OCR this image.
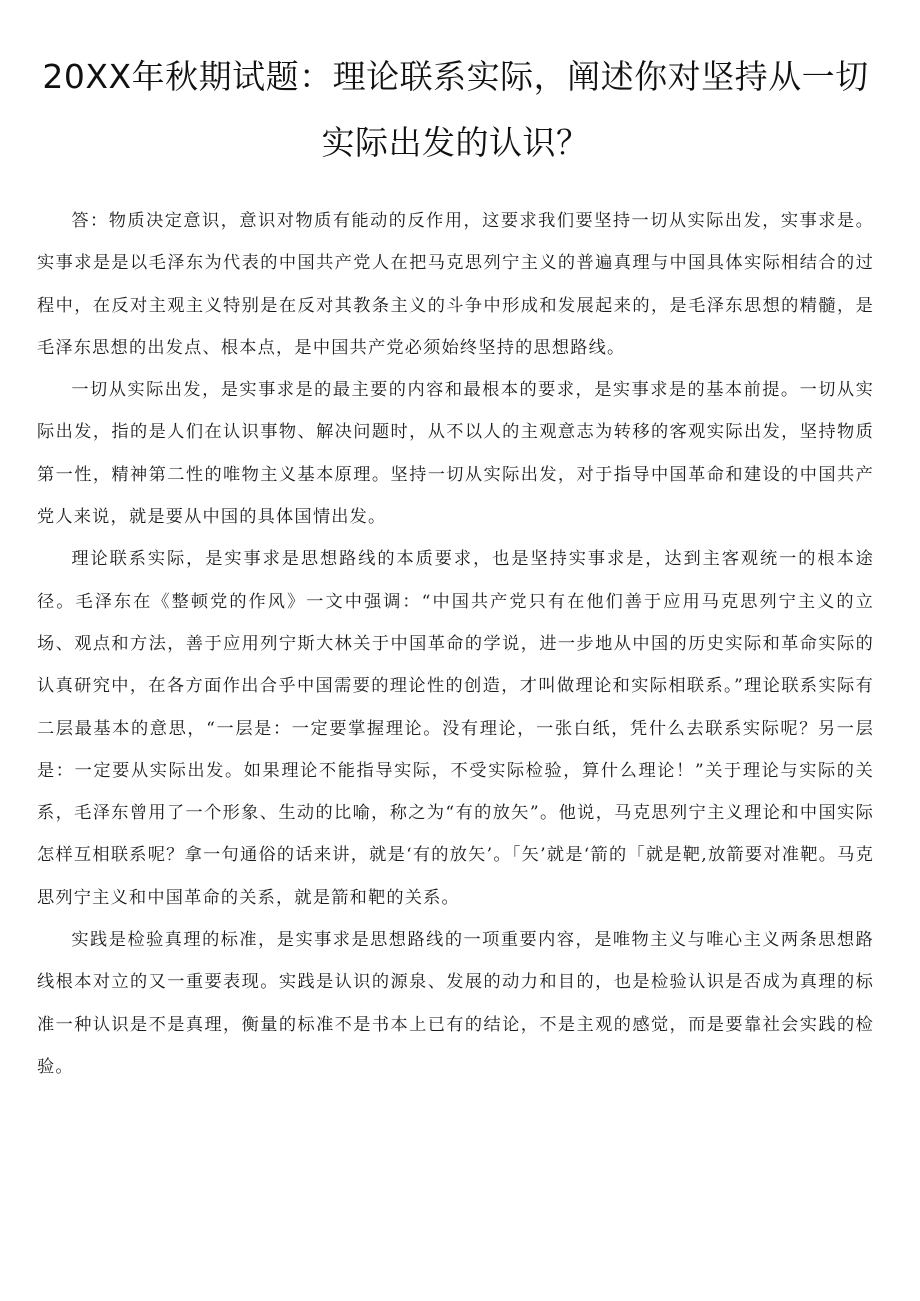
20XX年秋期试题：理论联系实际，阐述你对坚持从一切
实际出发的认识？

答：物质决定意识，意识对物质有能动的反作用，这要求我们要坚持一切从实际出发，实事求是。实事求是是以毛泽东为代表的中国共产党人在把马克思列宁主义的普遍真理与中国具体实际相结合的过程中，在反对主观主义特别是在反对其教条主义的斗争中形成和发展起来的，是毛泽东思想的精髓，是毛泽东思想的出发点、根本点，是中国共产党必须始终坚持的思想路线。

一切从实际出发，是实事求是的最主要的内容和最根本的要求，是实事求是的基本前提。一切从实际出发，指的是人们在认识事物、解决问题时，从不以人的主观意志为转移的客观实际出发，坚持物质第一性，精神第二性的唯物主义基本原理。坚持一切从实际出发，对于指导中国革命和建设的中国共产党人来说，就是要从中国的具体国情出发。

理论联系实际，是实事求是思想路线的本质要求，也是坚持实事求是，达到主客观统一的根本途径。毛泽东在《整顿党的作风》一文中强调：“中国共产党只有在他们善于应用马克思列宁主义的立场、观点和方法，善于应用列宁斯大林关于中国革命的学说，进一步地从中国的历史实际和革命实际的认真研究中，在各方面作出合乎中国需要的理论性的创造，才叫做理论和实际相联系。”理论联系实际有二层最基本的意思，“一层是：一定要掌握理论。没有理论，一张白纸，凭什么去联系实际呢？另一层是：一定要从实际出发。如果理论不能指导实际，不受实际检验，算什么理论！”关于理论与实际的关系，毛泽东曾用了一个形象、生动的比喻，称之为“有的放矢”。他说，马克思列宁主义理论和中国实际怎样互相联系呢？拿一句通俗的话来讲，就是‘有的放矢’。「矢’就是‘箭的「就是靶,放箭要对准靶。马克思列宁主义和中国革命的关系，就是箭和靶的关系。

实践是检验真理的标准，是实事求是思想路线的一项重要内容，是唯物主义与唯心主义两条思想路线根本对立的又一重要表现。实践是认识的源泉、发展的动力和目的，也是检验认识是否成为真理的标准一种认识是不是真理，衡量的标准不是书本上已有的结论，不是主观的感觉，而是要靠社会实践的检验。
